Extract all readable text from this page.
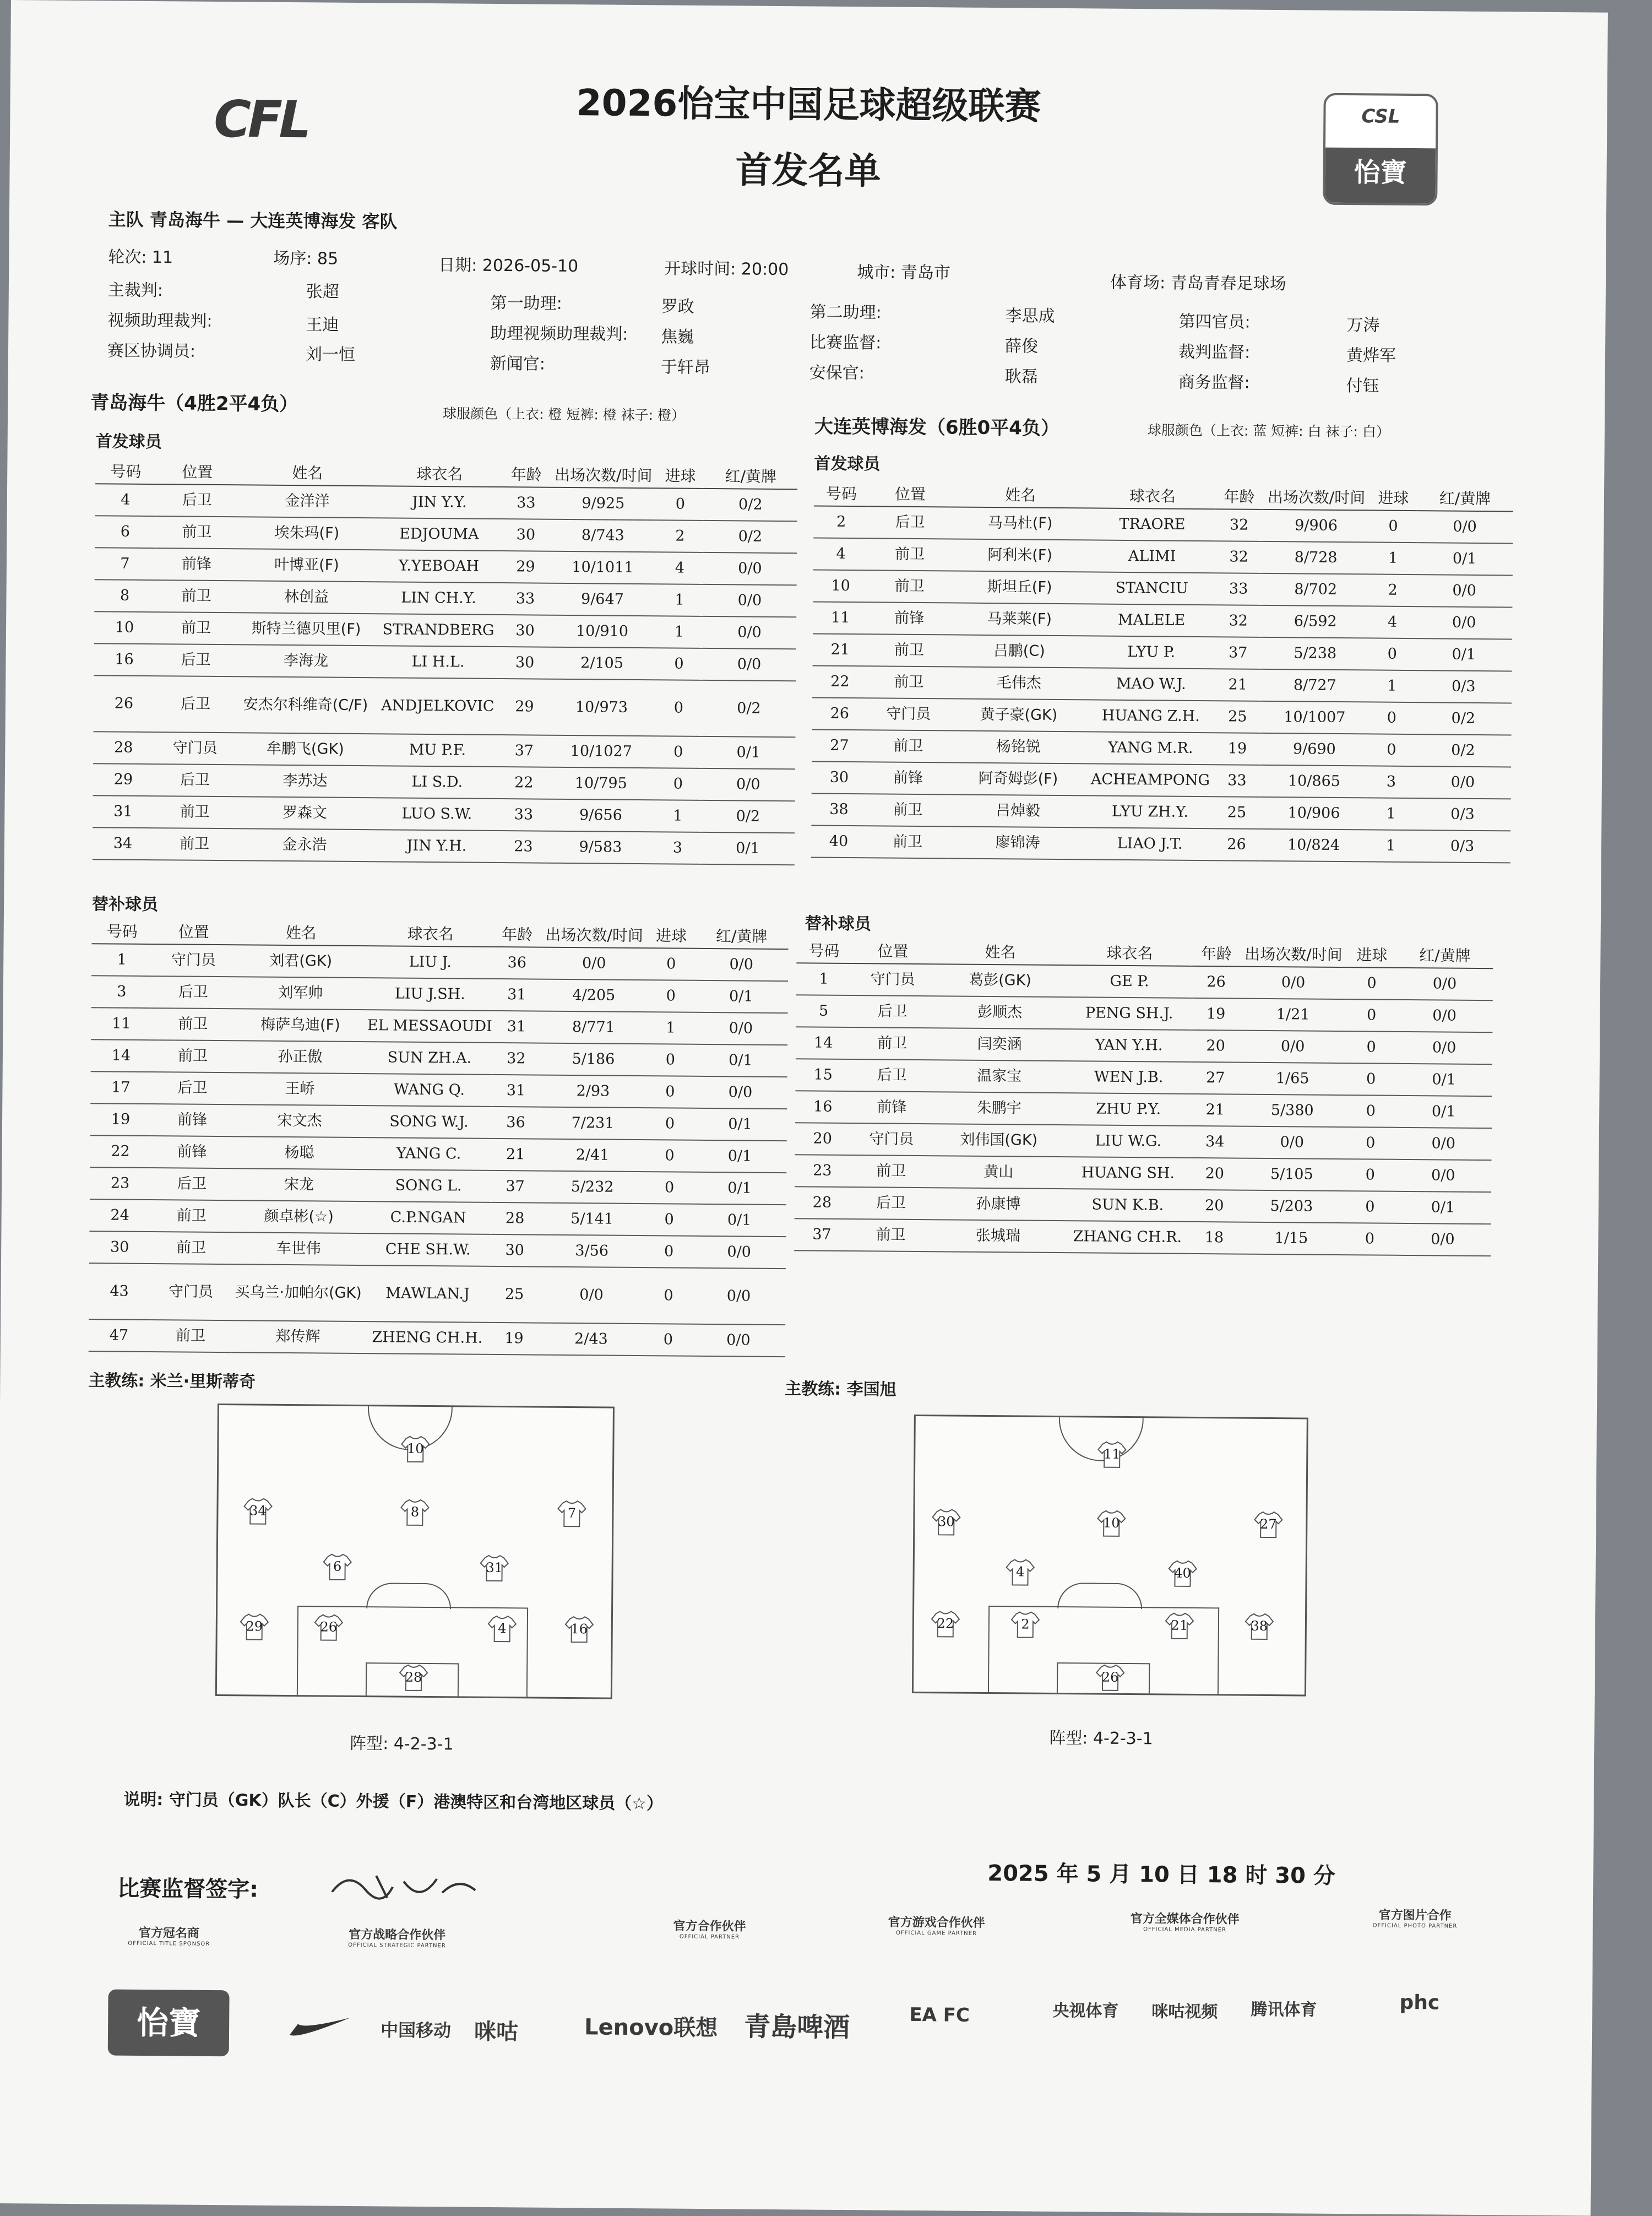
CFL	2026怡宝中国足球超级联赛
首发名单
CSL
怡寶
主队 青岛海牛 — 大连英博海发 客队
轮次: 11	场序: 85	日期: 2026-05-10	开球时间: 20:00	城市: 青岛市
体育场: 青岛青春足球场
主裁判:	张超
视频助理裁判:	王迪
赛区协调员:	刘一恒
第一助理:	罗政
助理视频助理裁判: 焦巍
新闻官:	于轩昂
第二助理:	李思成
比赛监督:	薛俊
安保官:	耿磊
第四官员:	万涛
裁判监督:	黄烨军
商务监督:	付钰
青岛海牛（4胜2平4负）	球服颜色（上衣: 橙 短裤: 橙 袜子: 橙）
首发球员
大连英博海发（6胜0平4负）	球服颜色（上衣: 蓝 短裤: 白 袜子: 白）
首发球员
号码	位置	姓名	球衣名	年龄	出场次数/时间	进球	红/黄牌
4	后卫	金洋洋	JIN Y.Y.	33	9/925	0	0/2
6	前卫	埃朱玛(F)	EDJOUMA	30	8/743	2	0/2
7	前锋	叶博亚(F)	Y.YEBOAH	29	10/1011	4	0/0
8	前卫	林创益	LIN CH.Y.	33	9/647	1	0/0
10	前卫	斯特兰德贝里(F)	STRANDBERG	30	10/910	1	0/0
16	后卫	李海龙	LI H.L.	30	2/105	0	0/0
26	后卫	安杰尔科维奇(C/F)	ANDJELKOVIC	29	10/973	0	0/2
28	守门员	牟鹏飞(GK)	MU P.F.	37	10/1027	0	0/1
29	后卫	李苏达	LI S.D.	22	10/795	0	0/0
31	前卫	罗森文	LUO S.W.	33	9/656	1	0/2
34	前卫	金永浩	JIN Y.H.	23	9/583	3	0/1
号码	位置	姓名	球衣名	年龄	出场次数/时间	进球	红/黄牌
2	后卫	马马杜(F)	TRAORE	32	9/906	0	0/0
4	前卫	阿利米(F)	ALIMI	32	8/728	1	0/1
10	前卫	斯坦丘(F)	STANCIU	33	8/702	2	0/0
11	前锋	马莱莱(F)	MALELE	32	6/592	4	0/0
21	前卫	吕鹏(C)	LYU P.	37	5/238	0	0/1
22	前卫	毛伟杰	MAO W.J.	21	8/727	1	0/3
26	守门员	黄子豪(GK)	HUANG Z.H.	25	10/1007	0	0/2
27	前卫	杨铭锐	YANG M.R.	19	9/690	0	0/2
30	前锋	阿奇姆彭(F)	ACHEAMPONG	33	10/865	3	0/0
38	前卫	吕焯毅	LYU ZH.Y.	25	10/906	1	0/3
40	前卫	廖锦涛	LIAO J.T.	26	10/824	1	0/3
替补球员
替补球员
号码	位置	姓名	球衣名	年龄	出场次数/时间	进球	红/黄牌
1	守门员	刘君(GK)	LIU J.	36	0/0	0	0/0
3	后卫	刘军帅	LIU J.SH.	31	4/205	0	0/1
11	前卫	梅萨乌迪(F)	EL MESSAOUDI	31	8/771	1	0/0
14	前卫	孙正傲	SUN ZH.A.	32	5/186	0	0/1
17	后卫	王峤	WANG Q.	31	2/93	0	0/0
19	前锋	宋文杰	SONG W.J.	36	7/231	0	0/1
22	前锋	杨聪	YANG C.	21	2/41	0	0/1
23	后卫	宋龙	SONG L.	37	5/232	0	0/1
24	前卫	颜卓彬(☆)	C.P.NGAN	28	5/141	0	0/1
30	前卫	车世伟	CHE SH.W.	30	3/56	0	0/0
43	守门员	买乌兰·加帕尔(GK)	MAWLAN.J	25	0/0	0	0/0
47	前卫	郑传辉	ZHENG CH.H.	19	2/43	0	0/0
号码	位置	姓名	球衣名	年龄	出场次数/时间	进球	红/黄牌
1	守门员	葛彭(GK)	GE P.	26	0/0	0	0/0
5	后卫	彭顺杰	PENG SH.J.	19	1/21	0	0/0
14	前卫	闫奕涵	YAN Y.H.	20	0/0	0	0/0
15	后卫	温家宝	WEN J.B.	27	1/65	0	0/1
16	前锋	朱鹏宇	ZHU P.Y.	21	5/380	0	0/1
20	守门员	刘伟国(GK)	LIU W.G.	34	0/0	0	0/0
23	前卫	黄山	HUANG SH.	20	5/105	0	0/0
28	后卫	孙康博	SUN K.B.	20	5/203	0	0/1
37	前卫	张城瑞	ZHANG CH.R.	18	1/15	0	0/0
主教练: 米兰·里斯蒂奇	主教练: 李国旭
10
34	8	7
6	31
29	26	4	16
28
阵型: 4-2-3-1
11
30	10	27
4	40
22	2	21	38
26
阵型: 4-2-3-1
说明: 守门员（GK）队长（C）外援（F）港澳特区和台湾地区球员（☆）
比赛监督签字:
2025 年 5 月 10 日 18 时 30 分
官方冠名商
OFFICIAL TITLE SPONSOR
官方战略合作伙伴
OFFICIAL STRATEGIC PARTNER
官方合作伙伴
OFFICIAL PARTNER
官方游戏合作伙伴
OFFICIAL GAME PARTNER
官方全媒体合作伙伴
OFFICIAL MEDIA PARTNER
官方图片合作
OFFICIAL PHOTO PARTNER
怡寶	中国移动 咪咕	Lenovo联想 青島啤酒	EA FC	央视体育 咪咕视频 腾讯体育	phc
